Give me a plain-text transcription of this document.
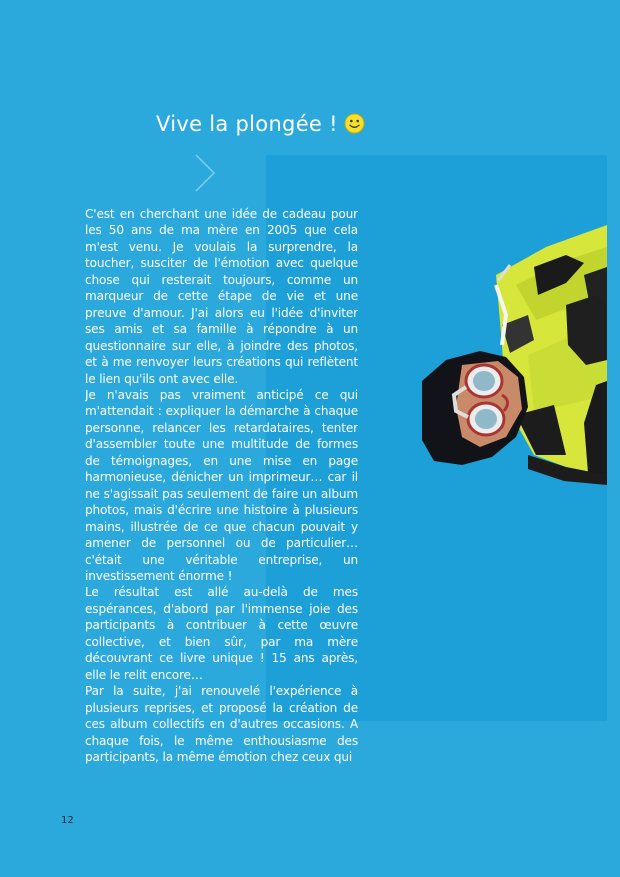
Vive la plongée !

C'est en cherchant une idée de cadeau pour les 50 ans de ma mère en 2005 que cela m'est venu. Je voulais la surprendre, la toucher, susciter de l'émotion avec quelque chose qui resterait toujours, comme un marqueur de cette étape de vie et une preuve d'amour. J'ai alors eu l'idée d'inviter ses amis et sa famille à répondre à un questionnaire sur elle, à joindre des photos, et à me renvoyer leurs créations qui reflètent le lien qu'ils ont avec elle.

Je n'avais pas vraiment anticipé ce qui m'attendait : expliquer la démarche à chaque personne, relancer les retardataires, tenter d'assembler toute une multitude de formes de témoignages, en une mise en page harmonieuse, dénicher un imprimeur… car il ne s'agissait pas seulement de faire un album photos, mais d'écrire une histoire à plusieurs mains, illustrée de ce que chacun pouvait y amener de personnel ou de particulier… c'était une véritable entreprise, un investissement énorme !

Le résultat est allé au-delà de mes espérances, d'abord par l'immense joie des participants à contribuer à cette œuvre collective, et bien sûr, par ma mère découvrant ce livre unique ! 15 ans après, elle le relit encore…

Par la suite, j'ai renouvelé l'expérience à plusieurs reprises, et proposé la création de ces album collectifs en d'autres occasions. A chaque fois, le même enthousiasme des participants, la même émotion chez ceux qui

12
